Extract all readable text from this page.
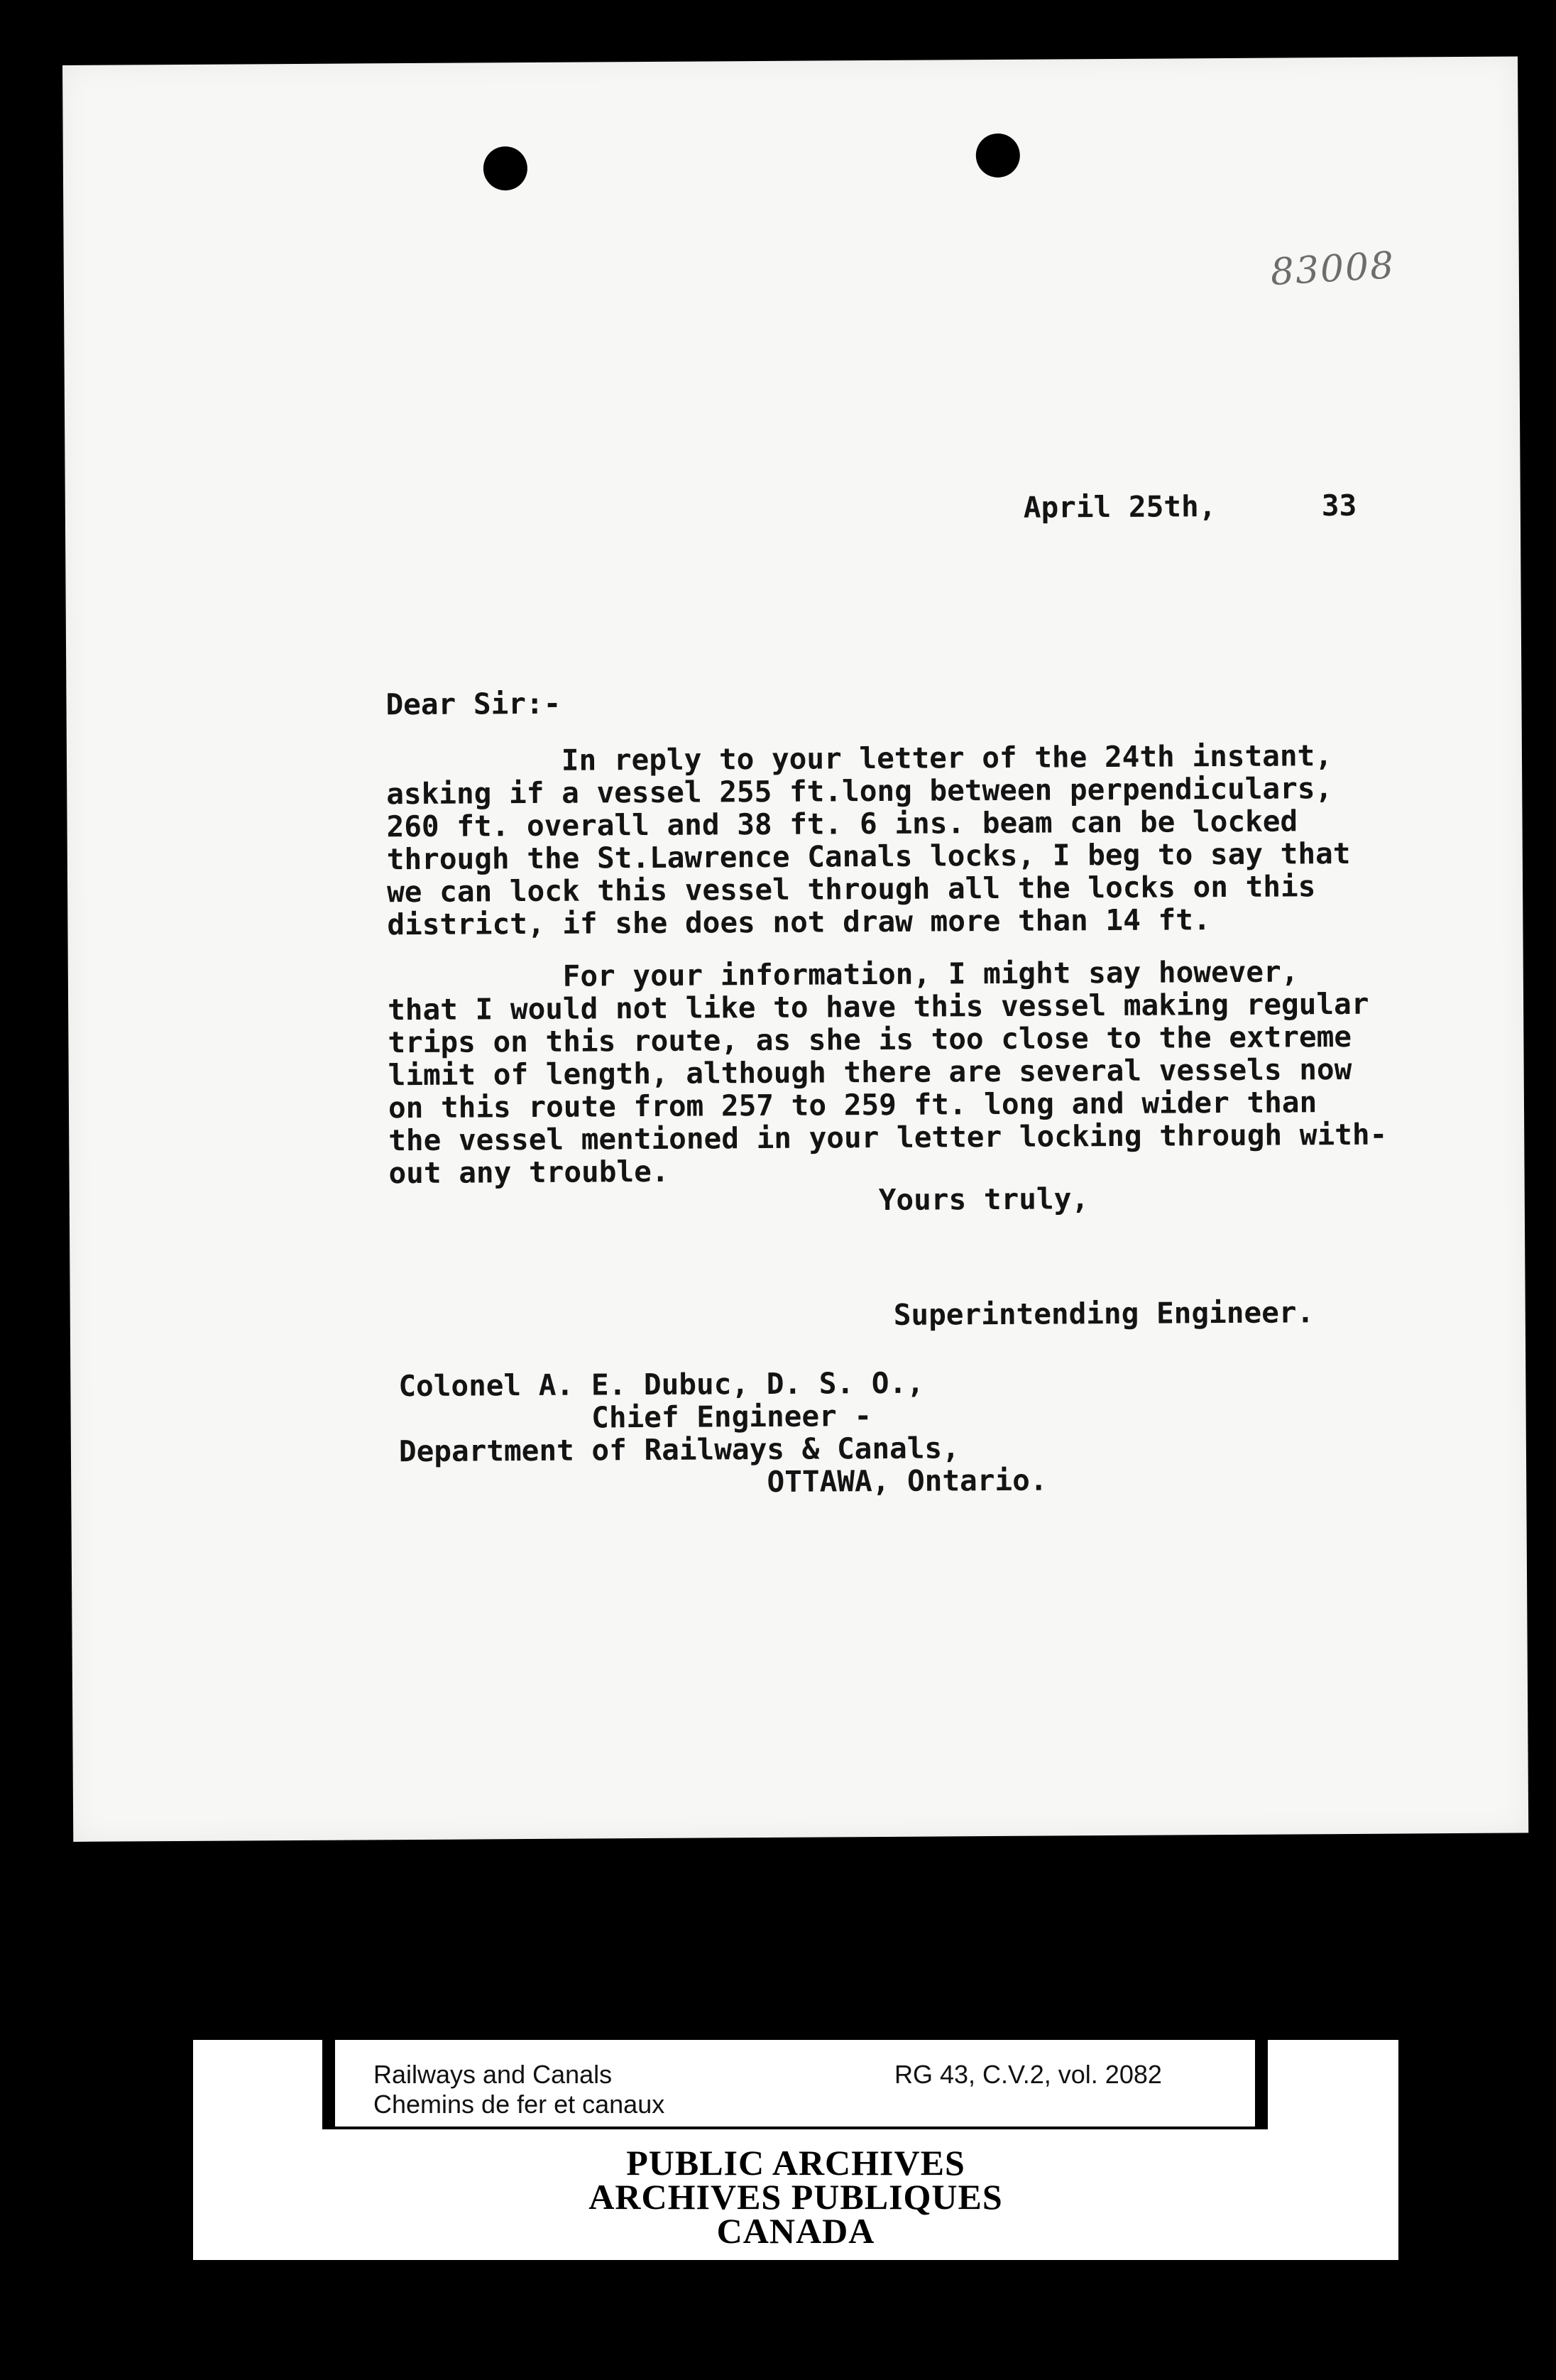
83008
April 25th,	33
Dear Sir:-
In reply to your letter of the 24th instant,
asking if a vessel 255 ft.long between perpendiculars,
260 ft. overall and 38 ft. 6 ins. beam can be locked
through the St.Lawrence Canals locks, I beg to say that
we can lock this vessel through all the locks on this
district, if she does not draw more than 14 ft.
For your information, I might say however,
that I would not like to have this vessel making regular
trips on this route, as she is too close to the extreme
limit of length, although there are several vessels now
on this route from 257 to 259 ft. long and wider than
the vessel mentioned in your letter locking through with-
out any trouble.
Yours truly,
Superintending Engineer.
Colonel A. E. Dubuc, D. S. O.,
Chief Engineer -
Department of Railways & Canals,
OTTAWA, Ontario.
Railways and Canals
Chemins de fer et canaux
RG 43, C.V.2, vol. 2082
PUBLIC ARCHIVES
ARCHIVES PUBLIQUES
CANADA
